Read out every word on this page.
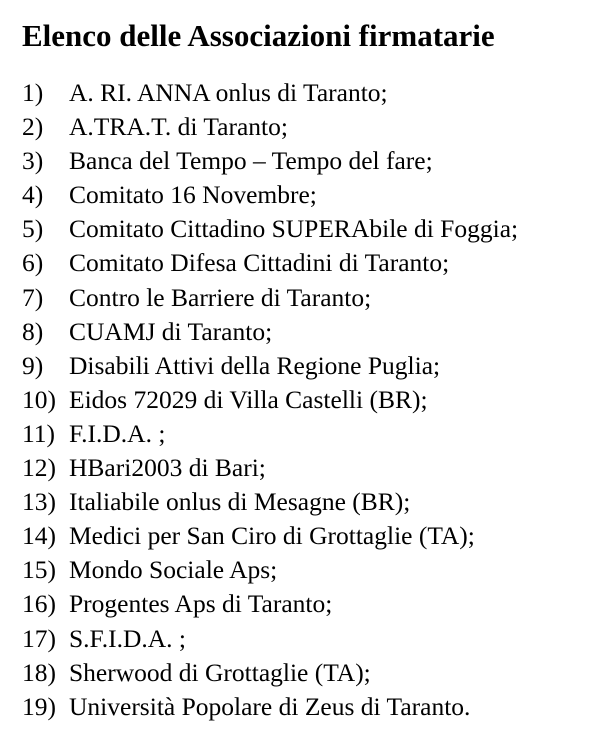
Elenco delle Associazioni firmatarie
1)	A. RI. ANNA onlus di Taranto;
2)	A.TRA.T. di Taranto;
3)	Banca del Tempo – Tempo del fare;
4)	Comitato 16 Novembre;
5)	Comitato Cittadino SUPERAbile di Foggia;
6)	Comitato Difesa Cittadini di Taranto;
7)	Contro le Barriere di Taranto;
8)	CUAMJ di Taranto;
9)	Disabili Attivi della Regione Puglia;
10) Eidos 72029 di Villa Castelli (BR);
11) F.I.D.A. ;
12) HBari2003 di Bari;
13) Italiabile onlus di Mesagne (BR);
14) Medici per San Ciro di Grottaglie (TA);
15) Mondo Sociale Aps;
16) Progentes Aps di Taranto;
17) S.F.I.D.A. ;
18) Sherwood di Grottaglie (TA);
19) Università Popolare di Zeus di Taranto.
